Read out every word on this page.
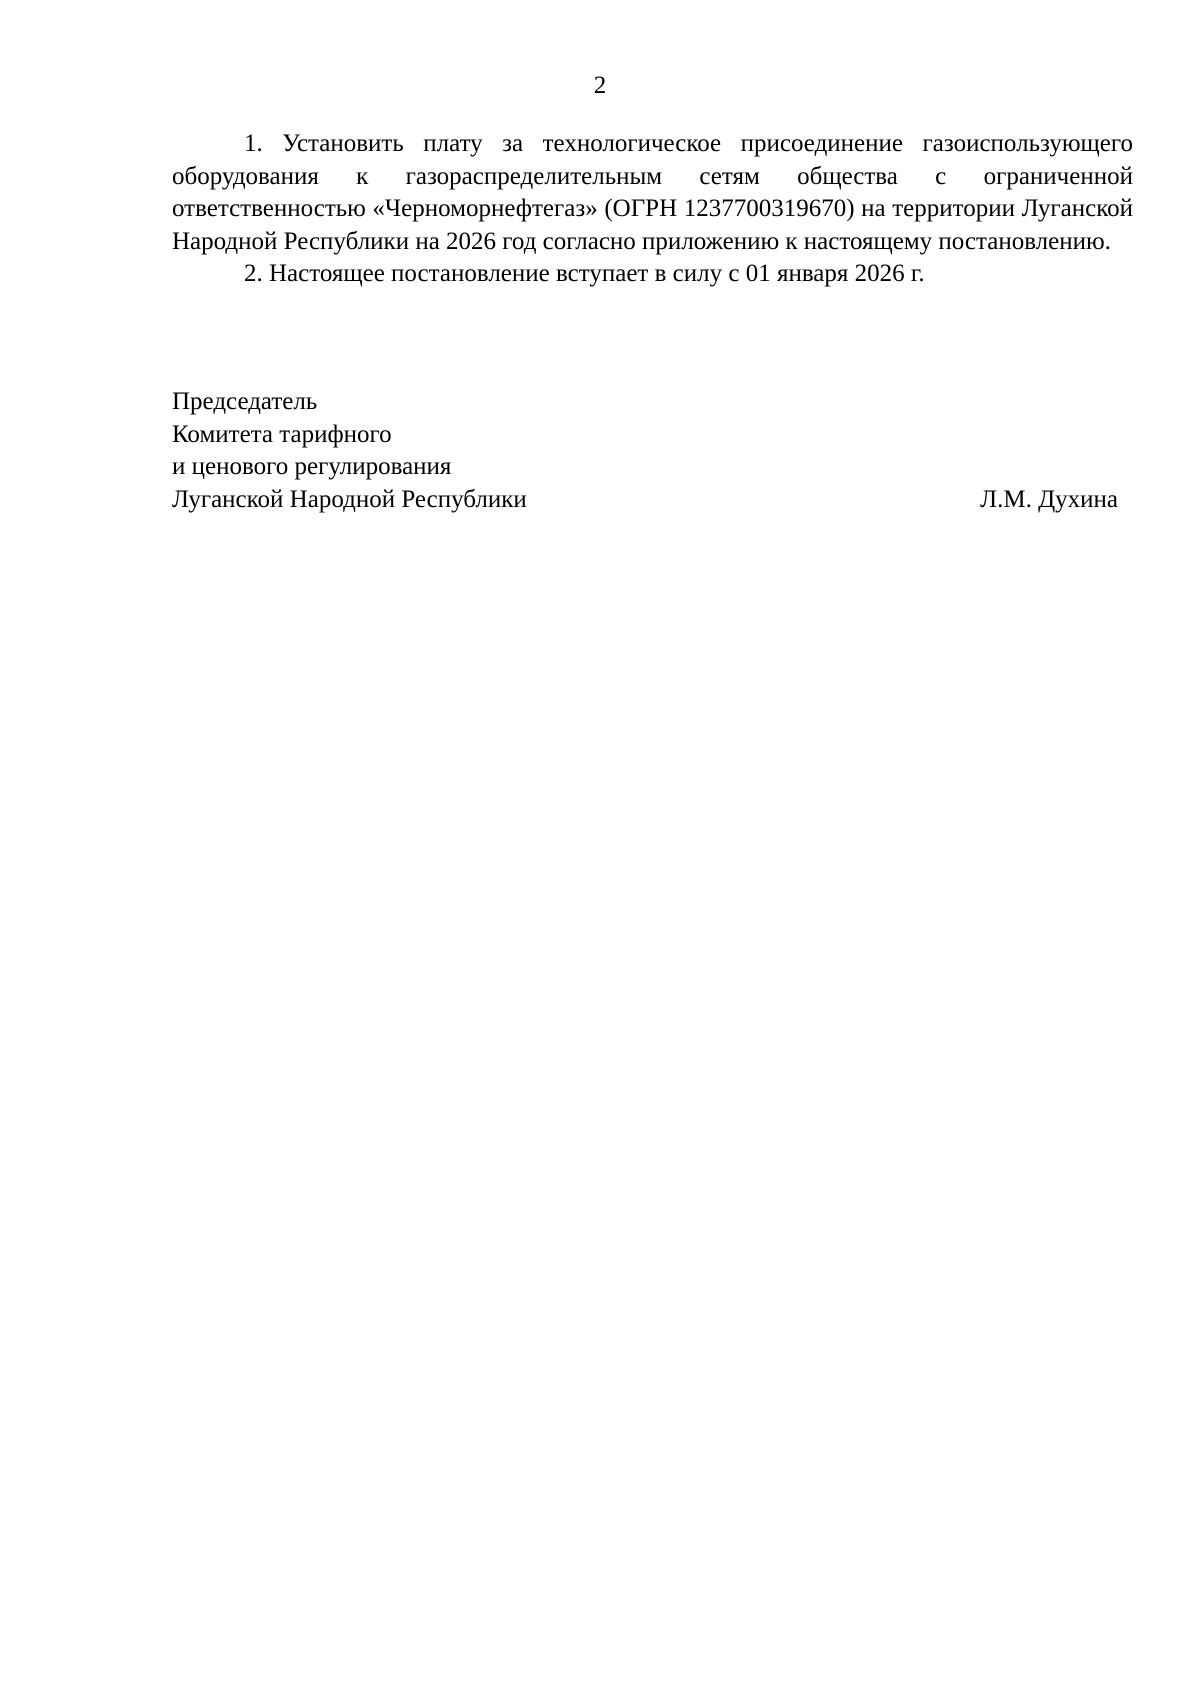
2

1. Установить плату за технологическое присоединение газоиспользующего оборудования к газораспределительным сетям общества с ограниченной ответственностью «Черноморнефтегаз» (ОГРН 1237700319670) на территории Луганской Народной Республики на 2026 год согласно приложению к настоящему постановлению.

2. Настоящее постановление вступает в силу с 01 января 2026 г.

Председатель
Комитета тарифного
и ценового регулирования
Луганской Народной Республики	Л.М. Духина
